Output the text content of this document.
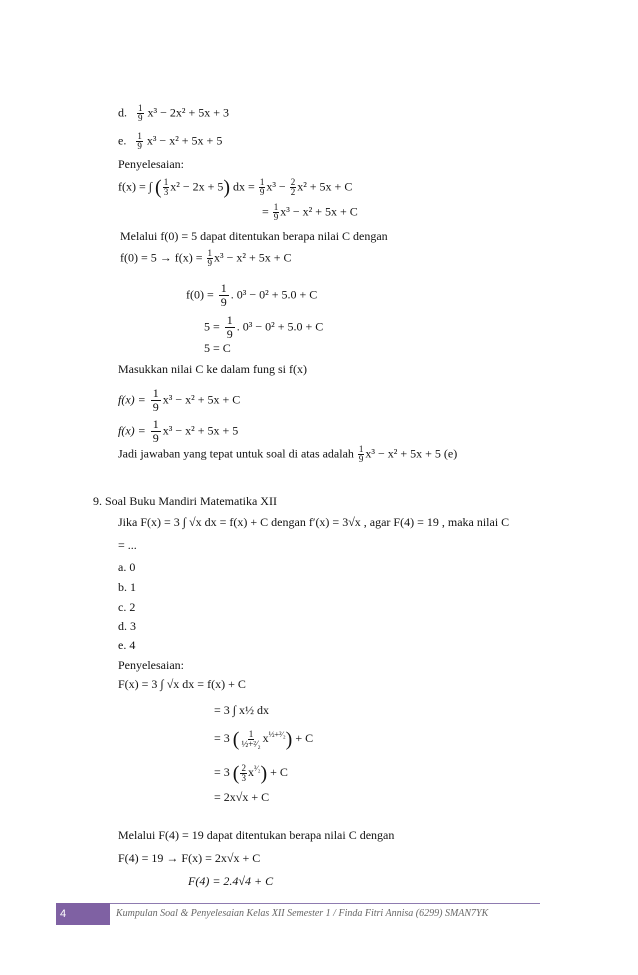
d. $\frac{1}{9} x^3 - 2x^2 + 5x + 3$
e. $\frac{1}{9} x^3 - x^2 + 5x + 5$
Penyelesaian:
f(x) = ∫ ( $\frac{1}{3} x^2 - 2x + 5$) dx = $\frac{1}{9} x^3 - \frac{2}{2} x^2 + 5x + C$
= $\frac{1}{9} x^3 - x^2 + 5x + C$
Melalui f(0) = 5 dapat ditentukan berapa nilai C dengan
$f(0) = 5 \to f(x) = \frac{1}{9} x^3 - x^2 + 5x + C$
$f(0) = \frac{1}{9}$ . 0³ − 0² + 5.0 + C
$5 = \frac{1}{9}$ . 0³ − 0² + 5.0 + C
5 = C
Masukkan nilai C ke dalam fung si f(x)
$f(x) = \frac{1}{9} x^3 - x^2 + 5x + C$
$f(x) = \frac{1}{9} x^3 - x^2 + 5x + 5$
Jadi jawaban yang tepat untuk soal di atas adalah $\frac{1}{9} x^3 - x^2 + 5x + 5$ (e)
9. Soal Buku Mandiri Matematika XII
Jika F(x) = 3 ∫ √x dx = f(x) + C dengan f′(x) = 3√x , agar F(4) = 19 , maka nilai C
= ...
a. 0
b. 1
c. 2
d. 3
e. 4
Penyelesaian:
F(x) = 3 ∫ √x dx = f(x) + C
= 3 ∫ x½ dx
= 3 ( $\frac{1}{\text{½+²⁄₂}} x^{\frac{1}{2}+^2⁄_2}) + C$
= 3 ( $\frac{2}{3} x^{^3⁄_2}) + C$
= 2x√x + C
Melalui F(4) = 19 dapat ditentukan berapa nilai C dengan
F(4) = 19 → F(x) = 2x√x + C
F(4) = 2.4√4 + C
4	Kumpulan Soal & Penyelesaian Kelas XII Semester 1 / Finda Fitri Annisa (6299) SMAN7YK
